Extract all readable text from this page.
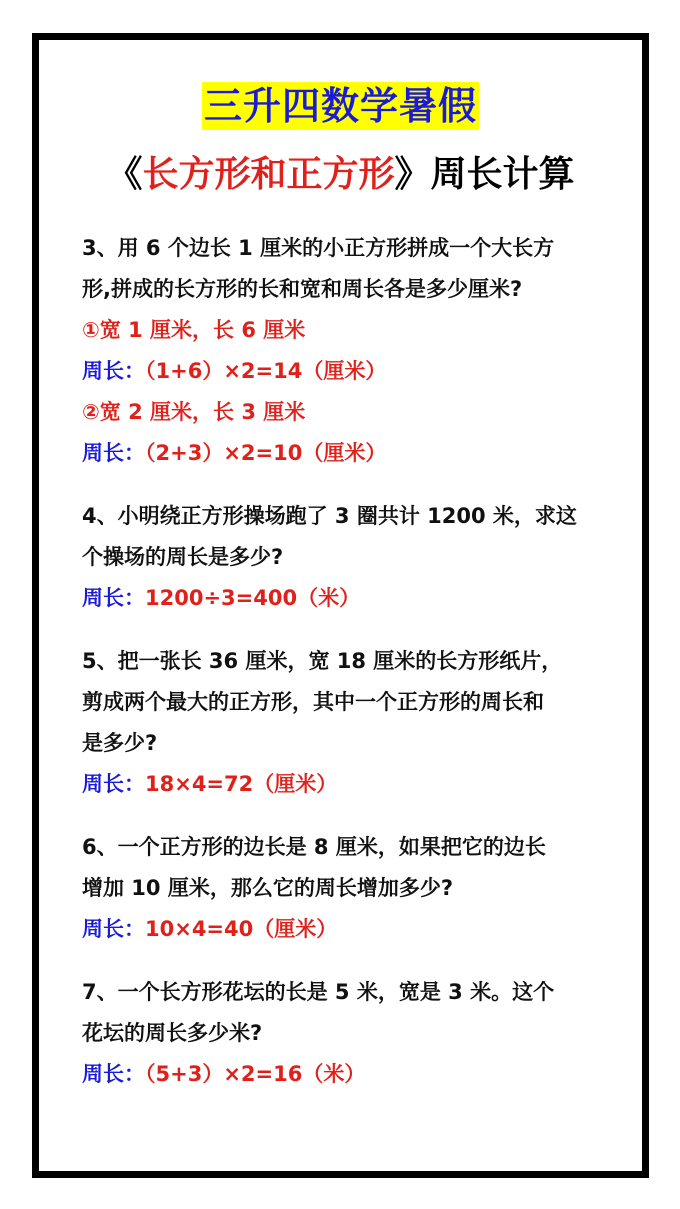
三升四数学暑假
《长方形和正方形》周长计算
3、用 6 个边长 1 厘米的小正方形拼成一个大长方
形,拼成的长方形的长和宽和周长各是多少厘米?
①宽 1 厘米，长 6 厘米
周长：（1+6）×2=14（厘米）
②宽 2 厘米，长 3 厘米
周长：（2+3）×2=10（厘米）
4、小明绕正方形操场跑了 3 圈共计 1200 米，求这
个操场的周长是多少?
周长：1200÷3=400（米）
5、把一张长 36 厘米，宽 18 厘米的长方形纸片，
剪成两个最大的正方形，其中一个正方形的周长和
是多少?
周长：18×4=72（厘米）
6、一个正方形的边长是 8 厘米，如果把它的边长
增加 10 厘米，那么它的周长增加多少?
周长：10×4=40（厘米）
7、一个长方形花坛的长是 5 米，宽是 3 米。这个
花坛的周长多少米?
周长：（5+3）×2=16（米）
